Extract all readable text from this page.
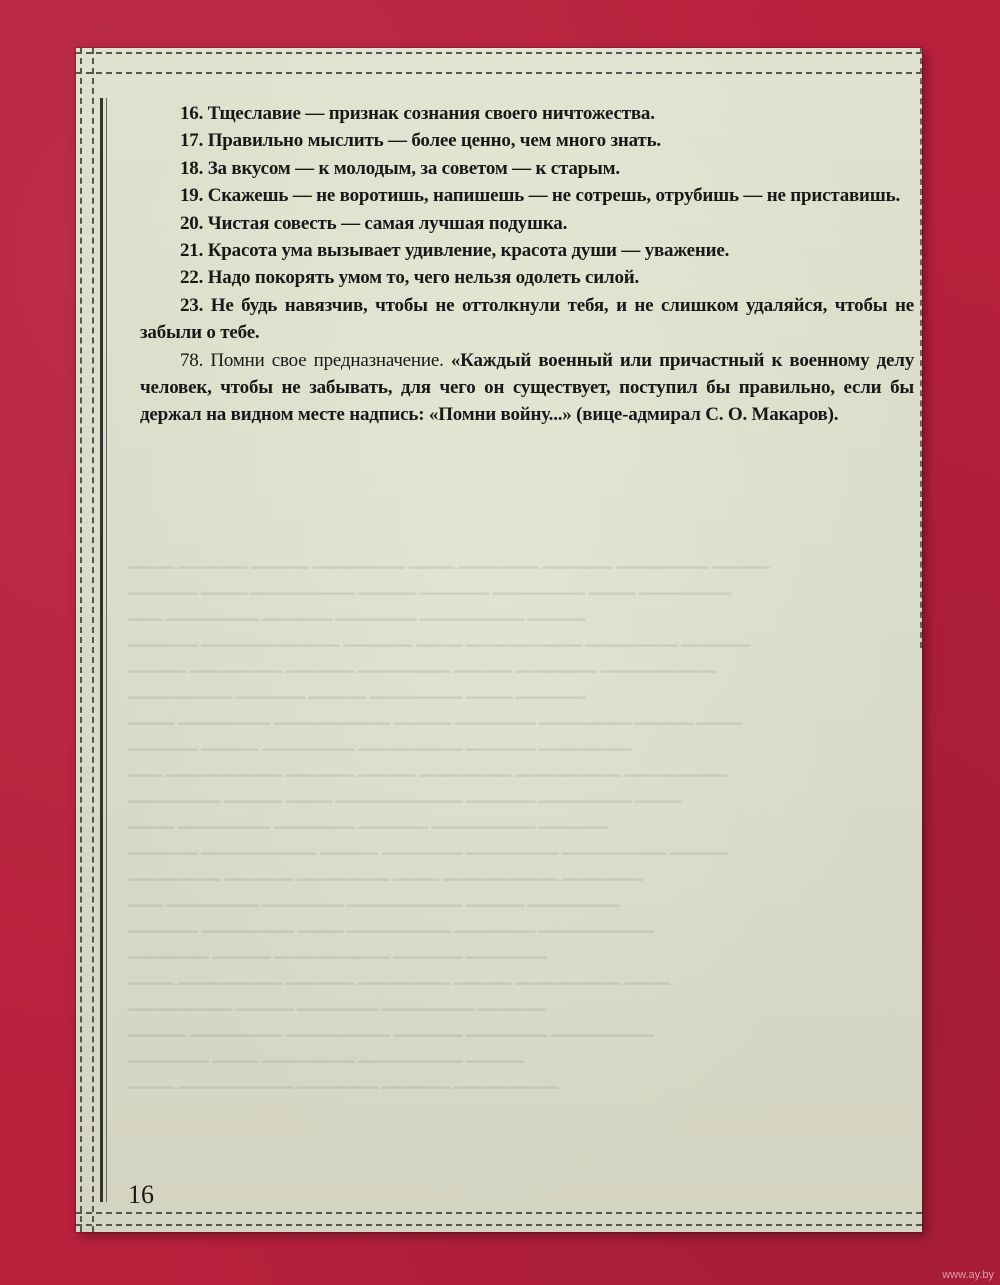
▁▁▁▁ ▁▁▁▁▁▁ ▁▁▁▁▁ ▁▁▁▁▁▁▁▁ ▁▁▁▁ ▁▁▁▁▁▁▁ ▁▁▁▁▁▁ ▁▁▁▁▁▁▁▁ ▁▁▁▁▁
▁▁▁▁▁▁ ▁▁▁▁ ▁▁▁▁▁▁▁▁▁ ▁▁▁▁▁ ▁▁▁▁▁▁ ▁▁▁▁▁▁▁▁ ▁▁▁▁ ▁▁▁▁▁▁▁▁
▁▁▁ ▁▁▁▁▁▁▁▁ ▁▁▁▁▁▁ ▁▁▁▁▁▁▁ ▁▁▁▁▁▁▁▁▁ ▁▁▁▁▁
▁▁▁▁▁▁ ▁▁▁▁▁▁▁▁▁▁▁▁ ▁▁▁▁▁▁ ▁▁▁▁ ▁▁▁▁▁▁▁▁▁▁ ▁▁▁▁▁▁▁▁ ▁▁▁▁▁▁
▁▁▁▁▁ ▁▁▁▁▁▁▁▁ ▁▁▁▁▁▁ ▁▁▁▁▁▁▁▁ ▁▁▁▁▁ ▁▁▁▁▁▁▁ ▁▁▁▁▁▁▁▁▁▁
▁▁▁▁▁▁▁▁▁ ▁▁▁▁▁▁ ▁▁▁▁▁ ▁▁▁▁▁▁▁▁ ▁▁▁▁ ▁▁▁▁▁▁
▁▁▁▁ ▁▁▁▁▁▁▁▁ ▁▁▁▁▁▁▁▁▁▁ ▁▁▁▁▁ ▁▁▁▁▁▁▁ ▁▁▁▁▁▁▁▁ ▁▁▁▁▁ ▁▁▁▁
▁▁▁▁▁▁ ▁▁▁▁▁ ▁▁▁▁▁▁▁▁ ▁▁▁▁▁▁▁▁▁ ▁▁▁▁▁▁ ▁▁▁▁▁▁▁▁
▁▁▁ ▁▁▁▁▁▁▁▁▁▁ ▁▁▁▁▁▁ ▁▁▁▁▁ ▁▁▁▁▁▁▁▁ ▁▁▁▁▁▁▁▁▁ ▁▁▁▁▁▁▁▁▁
▁▁▁▁▁▁▁▁ ▁▁▁▁▁ ▁▁▁▁ ▁▁▁▁▁▁▁▁▁▁▁ ▁▁▁▁▁▁ ▁▁▁▁▁▁▁▁ ▁▁▁▁
▁▁▁▁ ▁▁▁▁▁▁▁▁ ▁▁▁▁▁▁▁ ▁▁▁▁▁▁ ▁▁▁▁▁▁▁▁▁ ▁▁▁▁▁▁
▁▁▁▁▁▁ ▁▁▁▁▁▁▁▁▁▁ ▁▁▁▁▁ ▁▁▁▁▁▁▁ ▁▁▁▁▁▁▁▁ ▁▁▁▁▁▁▁▁▁ ▁▁▁▁▁
▁▁▁▁▁▁▁▁ ▁▁▁▁▁▁ ▁▁▁▁▁▁▁▁ ▁▁▁▁ ▁▁▁▁▁▁▁▁▁▁ ▁▁▁▁▁▁▁
▁▁▁ ▁▁▁▁▁▁▁▁ ▁▁▁▁▁▁▁ ▁▁▁▁▁▁▁▁▁▁ ▁▁▁▁▁ ▁▁▁▁▁▁▁▁
▁▁▁▁▁▁ ▁▁▁▁▁▁▁▁ ▁▁▁▁ ▁▁▁▁▁▁▁▁▁ ▁▁▁▁▁▁▁ ▁▁▁▁▁▁▁▁▁▁
▁▁▁▁▁▁▁ ▁▁▁▁▁ ▁▁▁▁▁▁▁▁▁▁ ▁▁▁▁▁▁ ▁▁▁▁▁▁▁
▁▁▁▁ ▁▁▁▁▁▁▁▁▁ ▁▁▁▁▁▁ ▁▁▁▁▁▁▁▁ ▁▁▁▁▁ ▁▁▁▁▁▁▁▁▁ ▁▁▁▁
▁▁▁▁▁▁▁▁▁ ▁▁▁▁▁ ▁▁▁▁▁▁▁ ▁▁▁▁▁▁▁▁ ▁▁▁▁▁▁
▁▁▁▁▁ ▁▁▁▁▁▁▁▁ ▁▁▁▁▁▁▁▁▁ ▁▁▁▁▁▁ ▁▁▁▁▁▁▁ ▁▁▁▁▁▁▁▁▁
▁▁▁▁▁▁▁ ▁▁▁▁ ▁▁▁▁▁▁▁▁ ▁▁▁▁▁▁▁▁▁ ▁▁▁▁▁
▁▁▁▁ ▁▁▁▁▁▁▁▁▁▁ ▁▁▁▁▁▁▁ ▁▁▁▁▁▁ ▁▁▁▁▁▁▁▁▁

16. Тщеславие — признак сознания своего ничтожества.

17. Правильно мыслить — более ценно, чем много знать.

18. За вкусом — к молодым, за советом — к старым.

19. Скажешь — не воротишь, напишешь — не сотрешь, отрубишь — не приставишь.

20. Чистая совесть — самая лучшая подушка.

21. Красота ума вызывает удивление, красота души — уважение.

22. Надо покорять умом то, чего нельзя одолеть силой.

23. Не будь навязчив, чтобы не оттолкнули тебя, и не слишком удаляйся, чтобы не забыли о тебе.

78. Помни свое предназначение. «Каждый военный или причастный к военному делу человек, чтобы не забывать, для чего он существует, поступил бы правильно, если бы держал на видном месте надпись: «Помни войну...» (вице-адмирал С. О. Макаров).

16
www.ay.by
